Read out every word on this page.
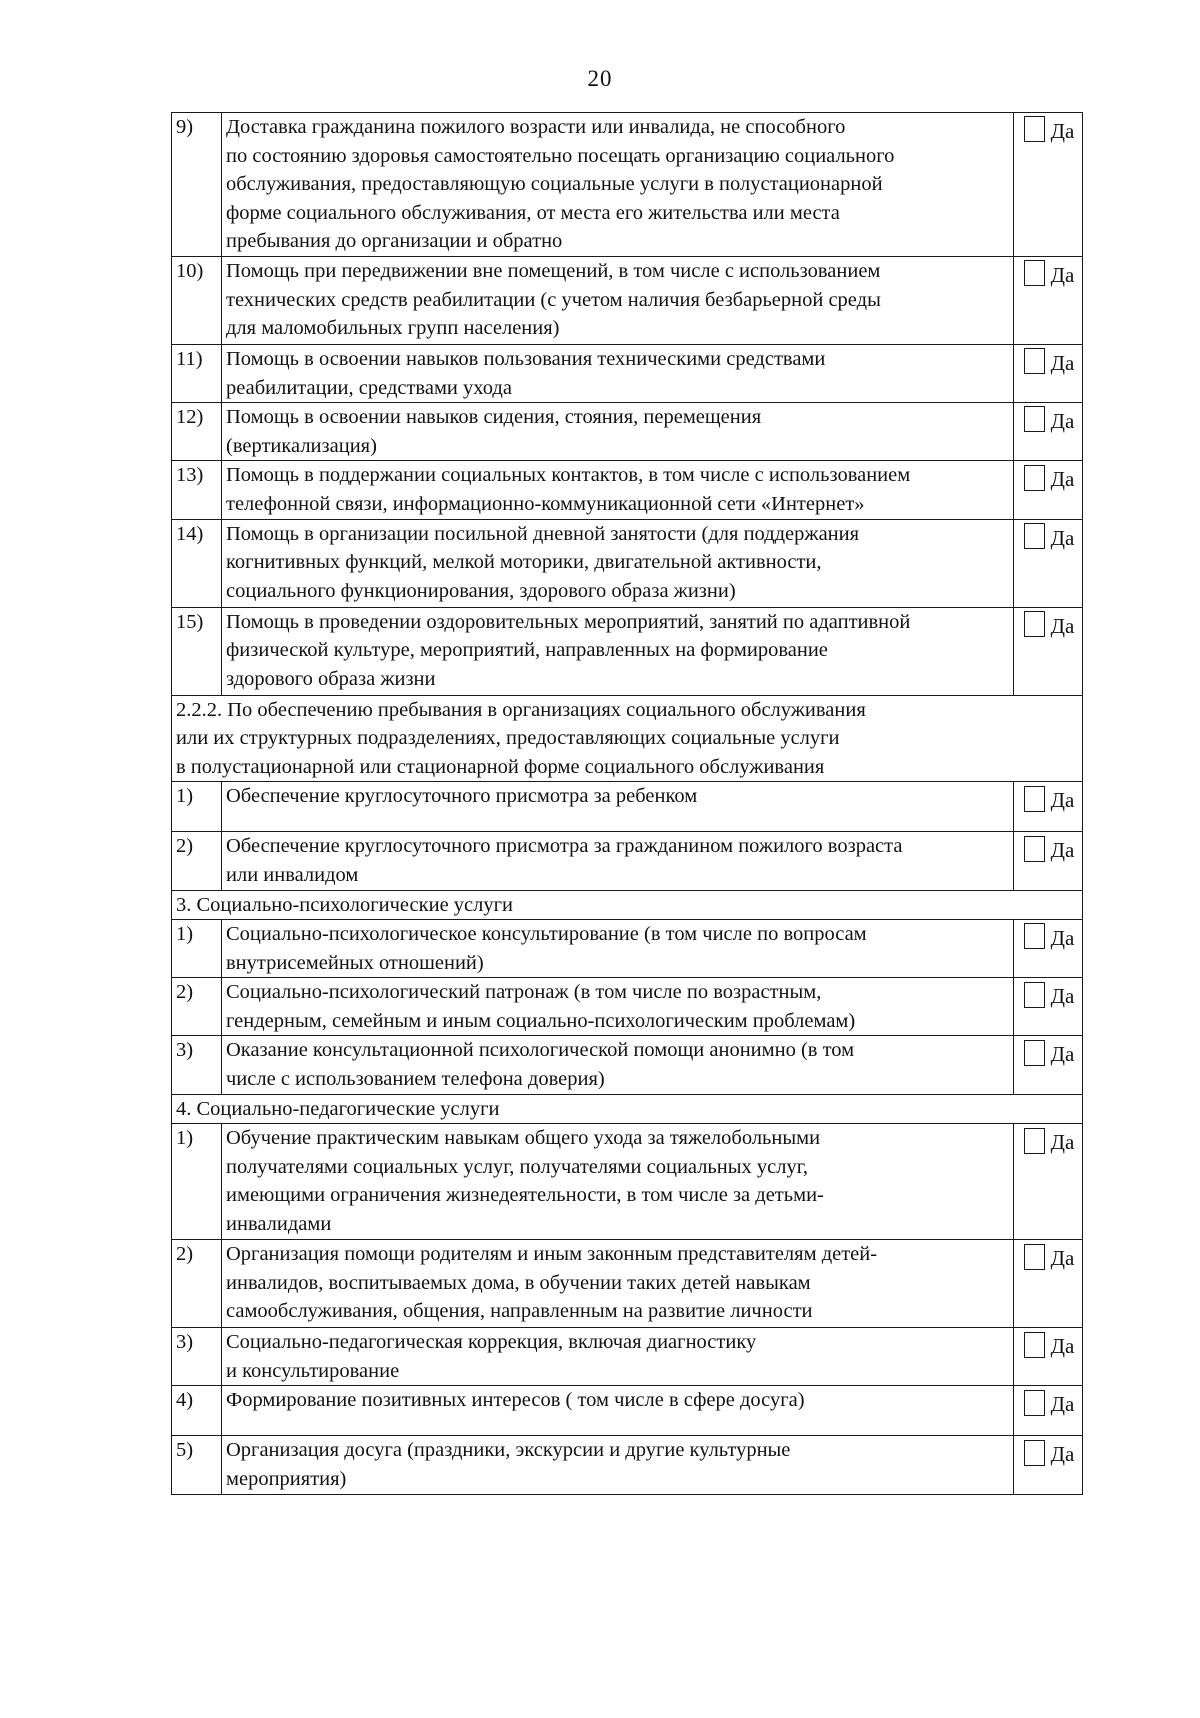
20
9)	Доставка гражданина пожилого возрасти или инвалида, не способного
по состоянию здоровья самостоятельно посещать организацию социального
обслуживания, предоставляющую социальные услуги в полустационарной
форме социального обслуживания, от места его жительства или места
пребывания до организации и обратно	Да
10)	Помощь при передвижении вне помещений, в том числе с использованием
технических средств реабилитации (с учетом наличия безбарьерной среды
для маломобильных групп населения)	Да
11)	Помощь в освоении навыков пользования техническими средствами
реабилитации, средствами ухода	Да
12)	Помощь в освоении навыков сидения, стояния, перемещения
(вертикализация)	Да
13)	Помощь в поддержании социальных контактов, в том числе с использованием
телефонной связи, информационно-коммуникационной сети «Интернет»	Да
14)	Помощь в организации посильной дневной занятости (для поддержания
когнитивных функций, мелкой моторики, двигательной активности,
социального функционирования, здорового образа жизни)	Да
15)	Помощь в проведении оздоровительных мероприятий, занятий по адаптивной
физической культуре, мероприятий, направленных на формирование
здорового образа жизни	Да

2.2.2. По обеспечению пребывания в организациях социального обслуживания
или их структурных подразделениях, предоставляющих социальные услуги
в полустационарной или стационарной форме социального обслуживания		

1)	Обеспечение круглосуточного присмотра за ребенком	Да
2)	Обеспечение круглосуточного присмотра за гражданином пожилого возраста
или инвалидом	Да

3. Социально-психологические услуги		

1)	Социально-психологическое консультирование (в том числе по вопросам
внутрисемейных отношений)	Да
2)	Социально-психологический патронаж (в том числе по возрастным,
гендерным, семейным и иным социально-психологическим проблемам)	Да
3)	Оказание консультационной психологической помощи анонимно (в том
числе с использованием телефона доверия)	Да

4. Социально-педагогические услуги		

1)	Обучение практическим навыкам общего ухода за тяжелобольными
получателями социальных услуг, получателями социальных услуг,
имеющими ограничения жизнедеятельности, в том числе за детьми-
инвалидами	Да
2)	Организация помощи родителям и иным законным представителям детей-
инвалидов, воспитываемых дома, в обучении таких детей навыкам
самообслуживания, общения, направленным на развитие личности	Да
3)	Социально-педагогическая коррекция, включая диагностику
и консультирование	Да
4)	Формирование позитивных интересов ( том числе в сфере досуга)	Да
5)	Организация досуга (праздники, экскурсии и другие культурные
мероприятия)	Да
